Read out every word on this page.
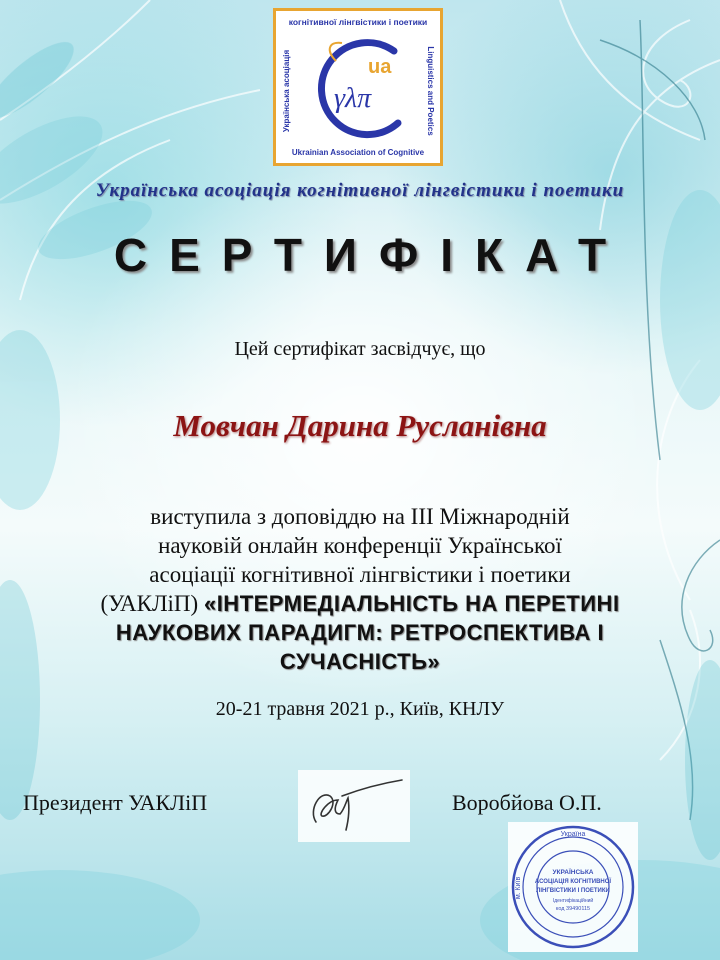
когнітивної лінгвістики і поетики
Українська асоціація	Linguistics and Poetics
Ukrainian Association of Cognitive
ua
γλπ
Українська асоціація когнітивної лінгвістики і поетики
СЕРТИФІКАТ
Цей сертифікат засвідчує, що
Мовчан Дарина Русланівна
виступила з доповіддю на ІІІ Міжнародній
науковій онлайн конференції Української
асоціації когнітивної лінгвістики і поетики
(УАКЛіП) «ІНТЕРМЕДІАЛЬНІСТЬ НА ПЕРЕТИНІ
НАУКОВИХ ПАРАДИГМ: РЕТРОСПЕКТИВА І
СУЧАСНІСТЬ»
20-21 травня 2021 р., Київ, КНЛУ
Президент УАКЛіП	Воробйова О.П.
Україна
м. Київ
УКРАЇНСЬКА
АСОЦІАЦІЯ КОГНІТИВНОЇ
ЛІНГВІСТИКИ І ПОЕТИКИ
Ідентифікаційний
код 39490115
